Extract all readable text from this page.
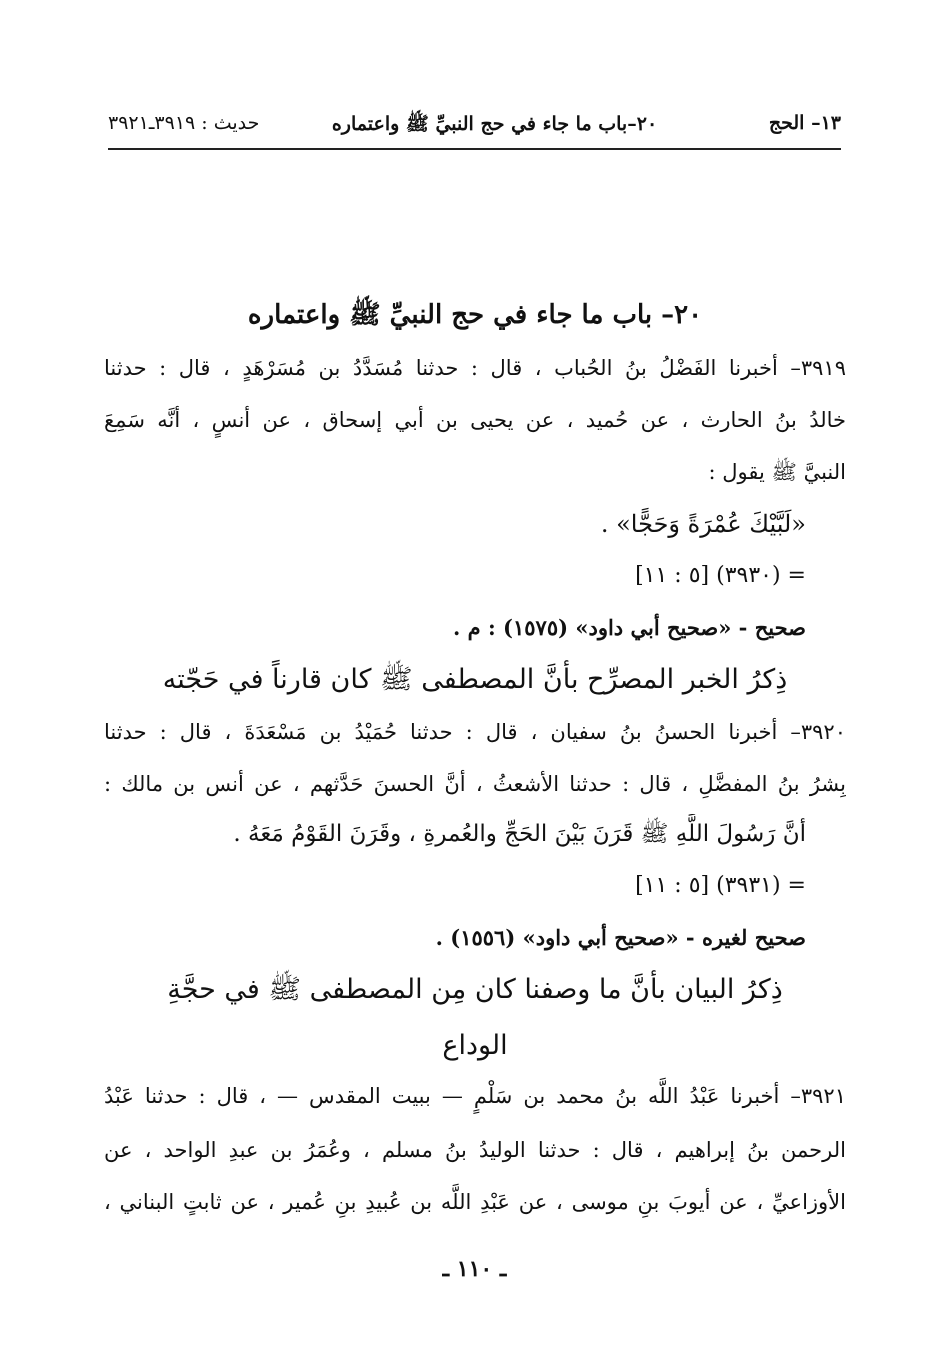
١٣– الحج
٢٠–باب ما جاء في حج النبيِّ ﷺ واعتماره
حديث : ٣٩١٩ـ٣٩٢١
٢٠– باب ما جاء في حج النبيِّ ﷺ واعتماره
٣٩١٩– أخبرنا الفَضْلُ بنُ الحُباب ، قال : حدثنا مُسَدَّدُ بن مُسَرْهَدٍ ، قال : حدثنا
خالدُ بنُ الحارث ، عن حُميد ، عن يحيى بن أبي إسحاق ، عن أنسٍ ، أنَّه سَمِعَ
النبيَّ ﷺ يقول :
«لَبَّيْكَ عُمْرَةً وَحَجًّا» .
= (٣٩٣٠) [٥ : ١١]
صحيح - «صحيح أبي داود» (١٥٧٥) : م .
ذِكرُ الخبر المصرِّح بأنَّ المصطفى ﷺ كان قارناً في حَجّته
٣٩٢٠– أخبرنا الحسنُ بنُ سفيان ، قال : حدثنا حُمَيْدُ بن مَسْعَدَةَ ، قال : حدثنا
بِشرُ بنُ المفضَّلِ ، قال : حدثنا الأشعثُ ، أنَّ الحسنَ حَدَّثهم ، عن أنس بن مالك :
أنَّ رَسُولَ اللَّهِ ﷺ قَرَنَ بَيْنَ الحَجِّ والعُمرةِ ، وقَرَنَ القَوْمُ مَعَهُ .
= (٣٩٣١) [٥ : ١١]
صحيح لغيره - «صحيح أبي داود» (١٥٥٦) .
ذِكرُ البيان بأنَّ ما وصفنا كان مِن المصطفى ﷺ في حجَّةِ
الوداع
٣٩٢١– أخبرنا عَبْدُ اللَّه بنُ محمد بن سَلْمٍ — ببيت المقدس — ، قال : حدثنا عَبْدُ
الرحمن بنُ إبراهيم ، قال : حدثنا الوليدُ بنُ مسلم ، وعُمَرُ بن عبدِ الواحد ، عن
الأوزاعيِّ ، عن أيوبَ بنِ موسى ، عن عَبْدِ اللَّه بن عُبيدِ بنِ عُمير ، عن ثابتٍ البناني ،
ـ ١١٠ ـ
